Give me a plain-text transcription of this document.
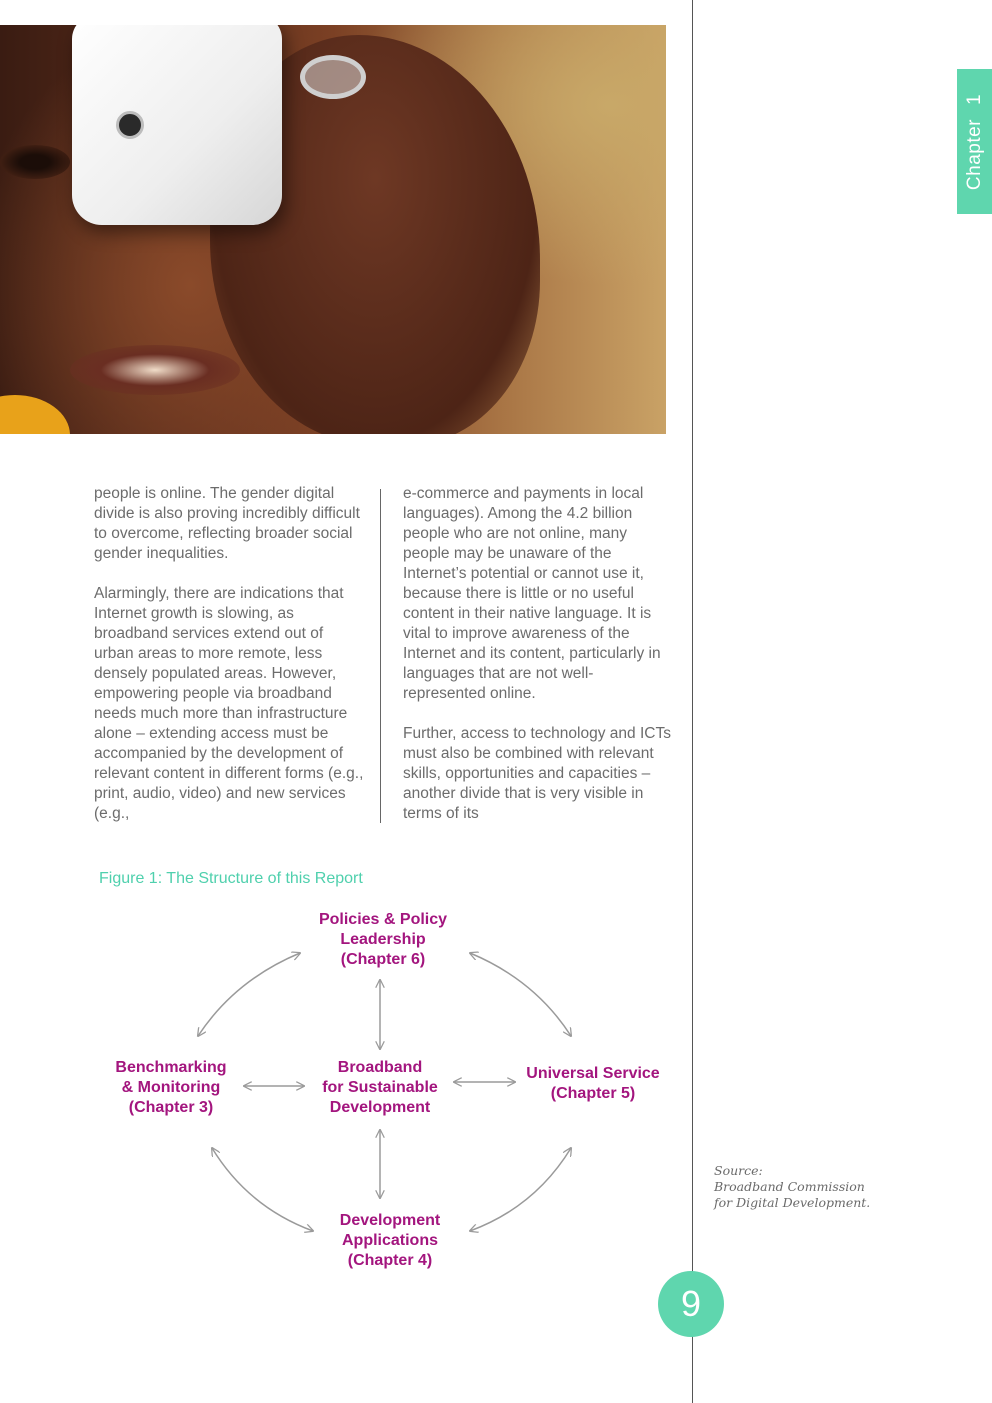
Chapter1

people is online. The gender digital divide is also proving incredibly difficult to overcome, reflecting broader social gender inequalities.

Alarmingly, there are indications that Internet growth is slowing, as broadband services extend out of urban areas to more remote, less densely populated areas. However, empowering people via broadband needs much more than infrastructure alone – extending access must be accompanied by the development of relevant content in different forms (e.g., print, audio, video) and new services (e.g.,

e-commerce and payments in local languages). Among the 4.2 billion people who are not online, many people may be unaware of the Internet’s potential or cannot use it, because there is little or no useful content in their native language. It is vital to improve awareness of the Internet and its content, particularly in languages that are not well-represented online.

Further, access to technology and ICTs must also be combined with relevant skills, opportunities and capacities – another divide that is very visible in terms of its

Figure 1: The Structure of this Report
Policies & Policy
Leadership
(Chapter 6)
Benchmarking
& Monitoring
(Chapter 3)
Broadband
for Sustainable
Development
Universal Service
(Chapter 5)
Development
Applications
(Chapter 4)
Source:
Broadband Commission
for Digital Development.
9
